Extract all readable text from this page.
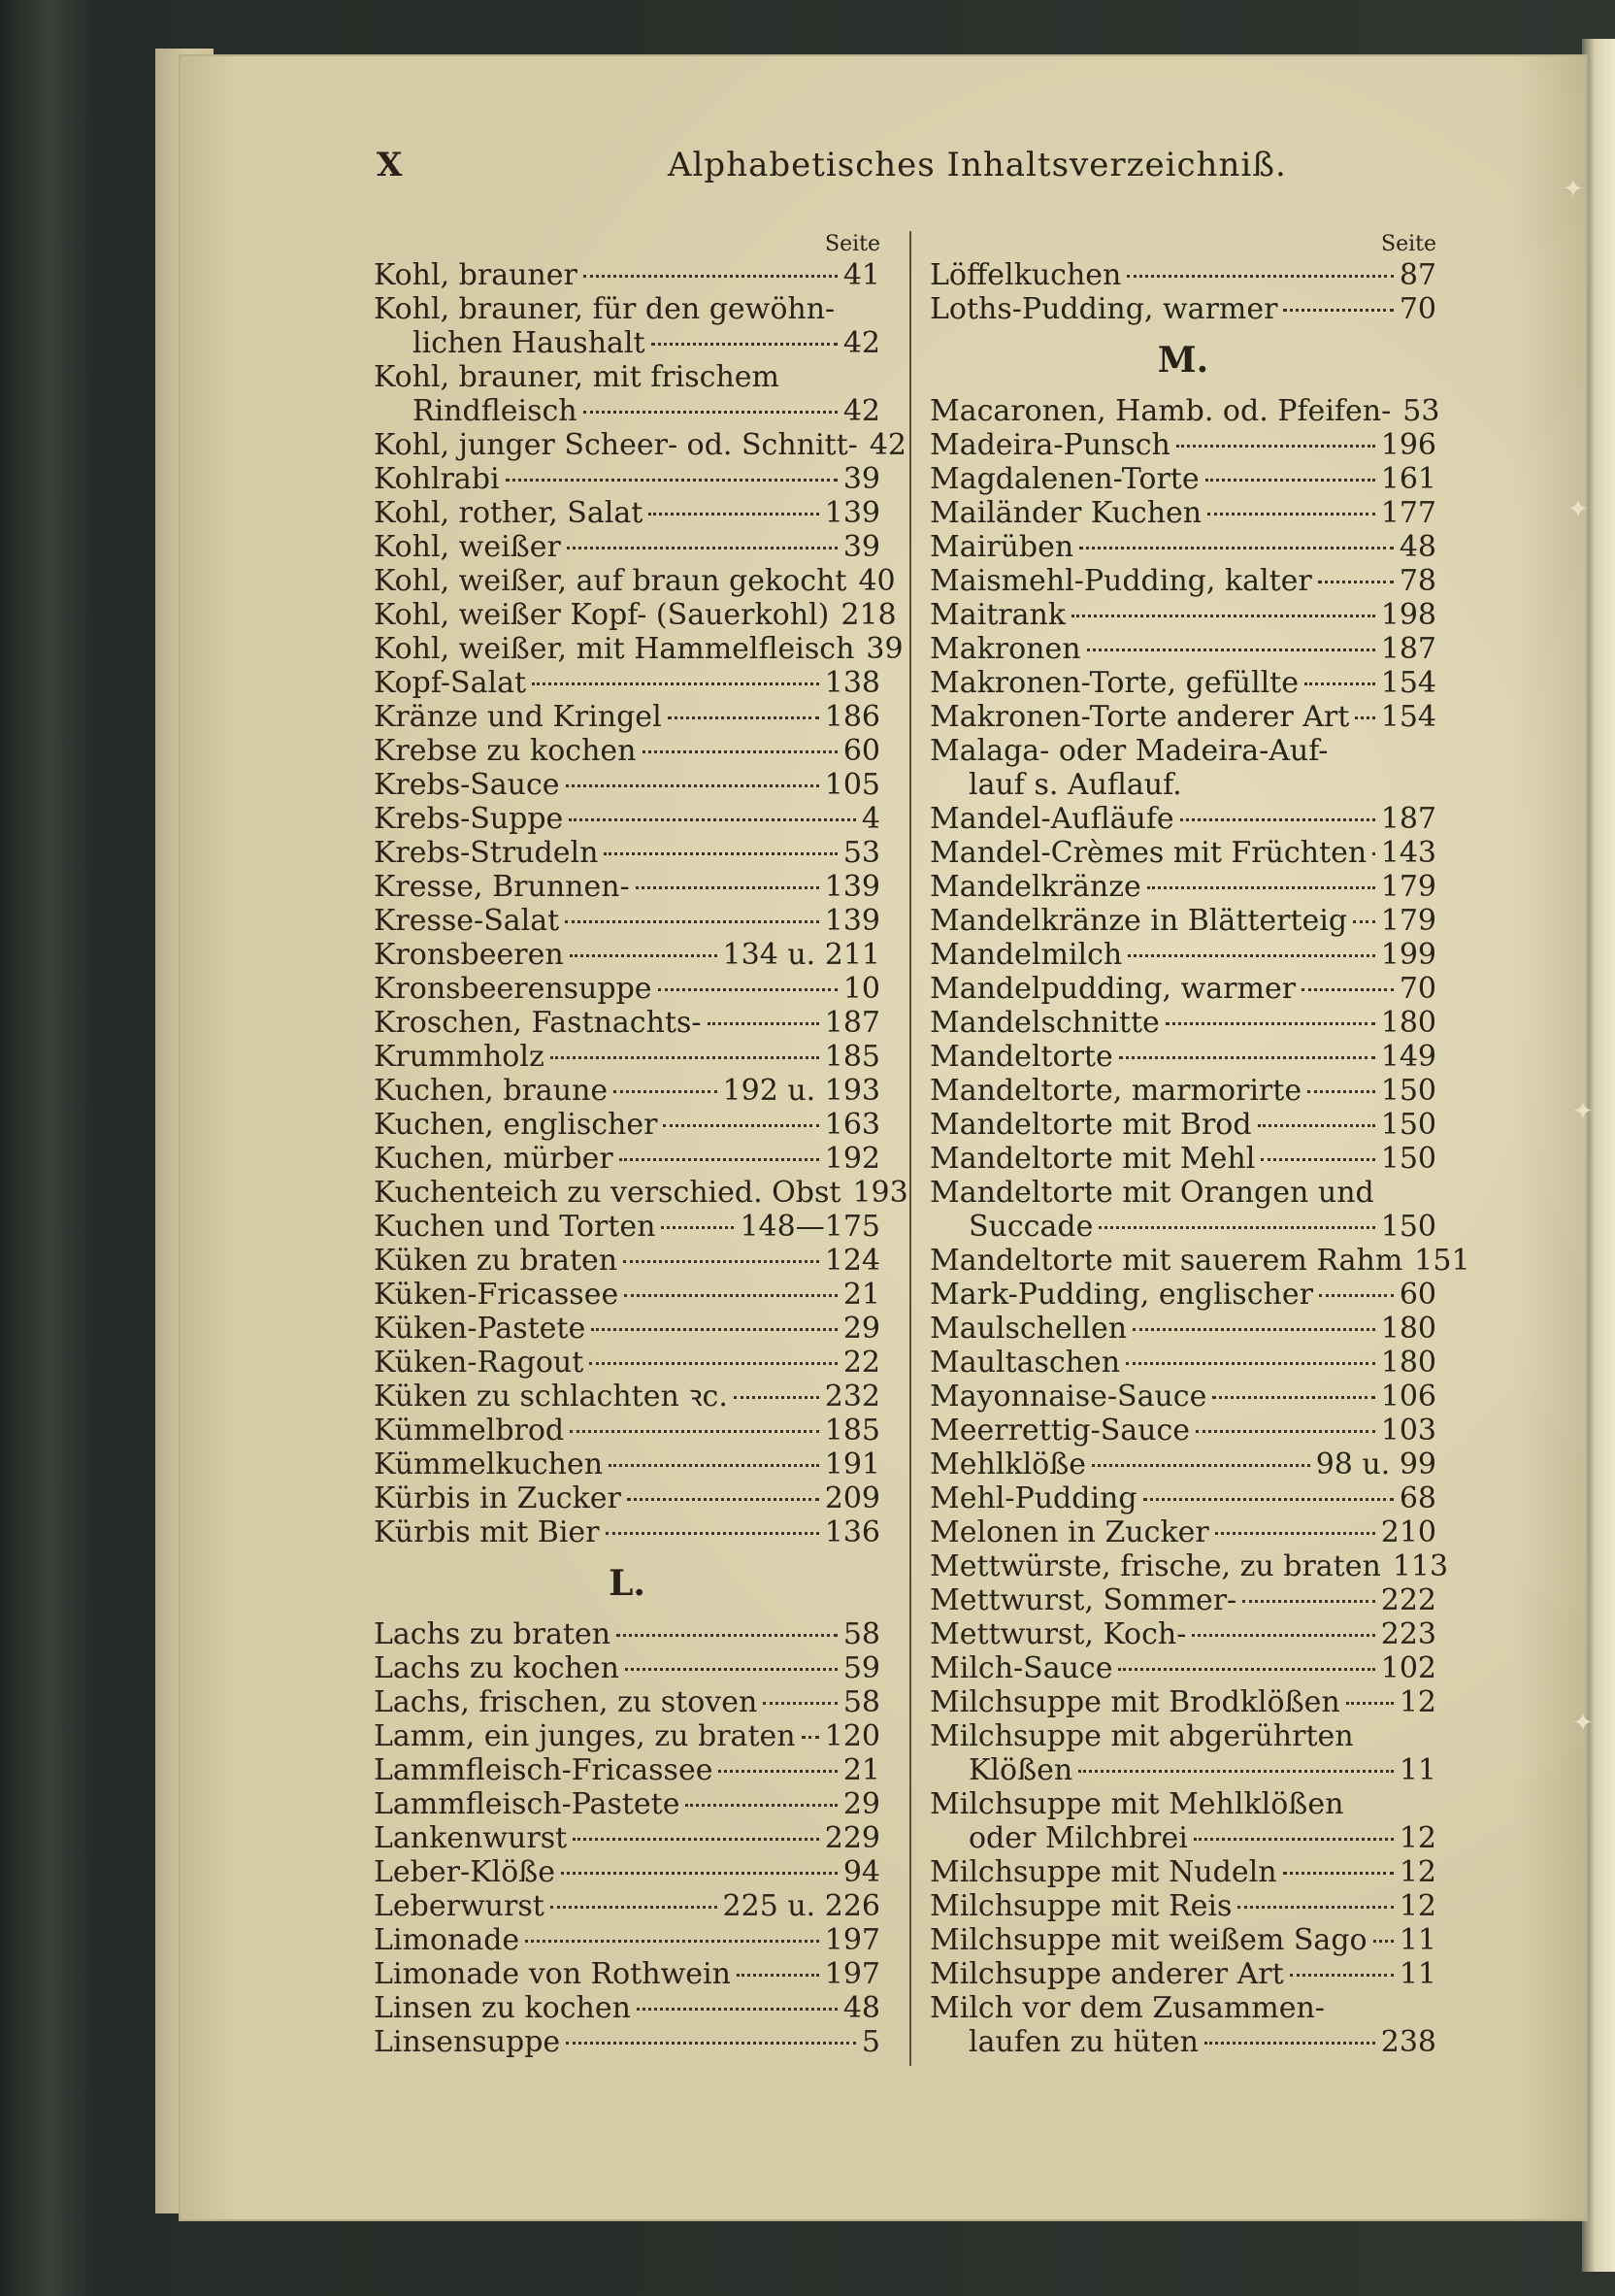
X	Alphabetisches Inhaltsverzeichniß.
Seite
Kohl, brauner	41
Kohl, brauner, für den gewöhn-
lichen Haushalt	42
Kohl, brauner, mit frischem
Rindfleisch	42
Kohl, junger Scheer- od. Schnitt- 42
Kohlrabi	39
Kohl, rother, Salat	139
Kohl, weißer	39
Kohl, weißer, auf braun gekocht 40
Kohl, weißer Kopf- (Sauerkohl) 218
Kohl, weißer, mit Hammelfleisch 39
Kopf-Salat	138
Kränze und Kringel	186
Krebse zu kochen	60
Krebs-Sauce	105
Krebs-Suppe	4
Krebs-Strudeln	53
Kresse, Brunnen-	139
Kresse-Salat	139
Kronsbeeren	134 u. 211
Kronsbeerensuppe	10
Kroschen, Fastnachts-	187
Krummholz	185
Kuchen, braune	192 u. 193
Kuchen, englischer	163
Kuchen, mürber	192
Kuchenteich zu verschied. Obst 193
Kuchen und Torten	148—175
Küken zu braten	124
Küken-Fricassee	21
Küken-Pastete	29
Küken-Ragout	22
Küken zu schlachten ꝛc.	232
Kümmelbrod	185
Kümmelkuchen	191
Kürbis in Zucker	209
Kürbis mit Bier	136
L.
Lachs zu braten	58
Lachs zu kochen	59
Lachs, frischen, zu stoven	58
Lamm, ein junges, zu braten 120
Lammfleisch-Fricassee	21
Lammfleisch-Pastete	29
Lankenwurst	229
Leber-Klöße	94
Leberwurst	225 u. 226
Limonade	197
Limonade von Rothwein	197
Linsen zu kochen	48
Linsensuppe	5
Seite
Löffelkuchen	87
Loths-Pudding, warmer	70
M.
Macaronen, Hamb. od. Pfeifen- 53
Madeira-Punsch	196
Magdalenen-Torte	161
Mailänder Kuchen	177
Mairüben	48
Maismehl-Pudding, kalter	78
Maitrank	198
Makronen	187
Makronen-Torte, gefüllte	154
Makronen-Torte anderer Art 154
Malaga- oder Madeira-Auf-
lauf s. Auflauf.
Mandel-Aufläufe	187
Mandel-Crèmes mit Früchten 143
Mandelkränze	179
Mandelkränze in Blätterteig 179
Mandelmilch	199
Mandelpudding, warmer	70
Mandelschnitte	180
Mandeltorte	149
Mandeltorte, marmorirte	150
Mandeltorte mit Brod	150
Mandeltorte mit Mehl	150
Mandeltorte mit Orangen und
Succade	150
Mandeltorte mit sauerem Rahm 151
Mark-Pudding, englischer	60
Maulschellen	180
Maultaschen	180
Mayonnaise-Sauce	106
Meerrettig-Sauce	103
Mehlklöße	98 u. 99
Mehl-Pudding	68
Melonen in Zucker	210
Mettwürste, frische, zu braten 113
Mettwurst, Sommer-	222
Mettwurst, Koch-	223
Milch-Sauce	102
Milchsuppe mit Brodklößen 12
Milchsuppe mit abgerührten
Klößen	11
Milchsuppe mit Mehlklößen
oder Milchbrei	12
Milchsuppe mit Nudeln	12
Milchsuppe mit Reis	12
Milchsuppe mit weißem Sago 11
Milchsuppe anderer Art	11
Milch vor dem Zusammen-
laufen zu hüten	238
✦
✦
✦
✦
